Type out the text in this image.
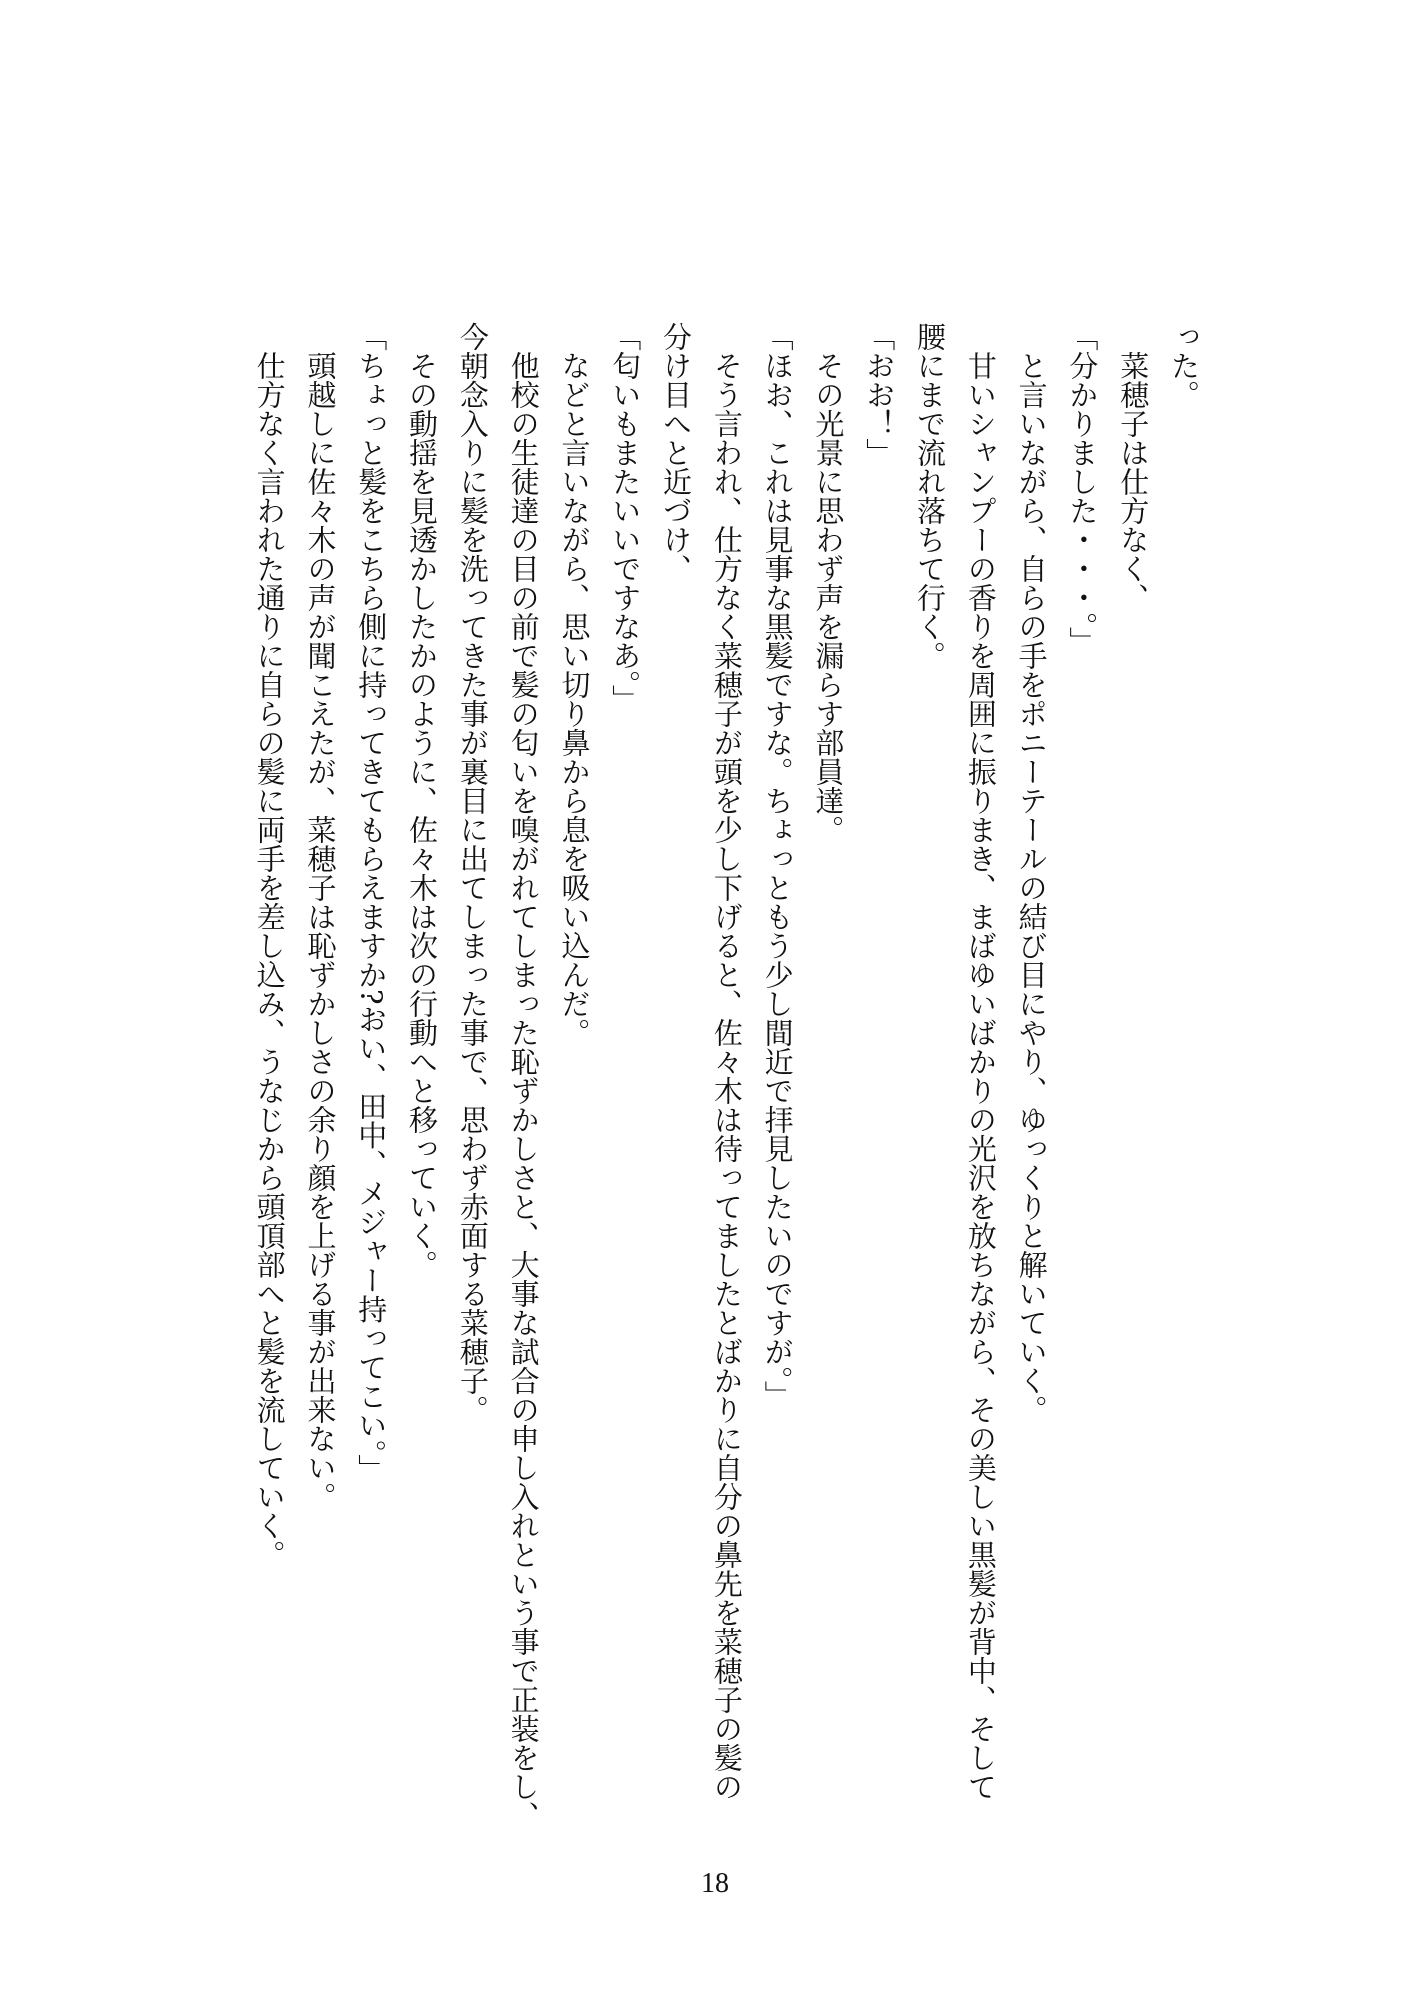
った。
　菜穂子は仕方なく、
「分かりました・・・。」
　と言いながら、自らの手をポニーテールの結び目にやり、ゆっくりと解いていく。
　甘いシャンプーの香りを周囲に振りまき、まばゆいばかりの光沢を放ちながら、その美しい黒髪が背中、そして
腰にまで流れ落ちて行く。
「おお！」
　その光景に思わず声を漏らす部員達。
「ほお、これは見事な黒髪ですな。ちょっともう少し間近で拝見したいのですが。」
　そう言われ、仕方なく菜穂子が頭を少し下げると、佐々木は待ってましたとばかりに自分の鼻先を菜穂子の髪の
分け目へと近づけ、
「匂いもまたいいですなあ。」
　などと言いながら、思い切り鼻から息を吸い込んだ。
　他校の生徒達の目の前で髪の匂いを嗅がれてしまった恥ずかしさと、大事な試合の申し入れという事で正装をし、
今朝念入りに髪を洗ってきた事が裏目に出てしまった事で、思わず赤面する菜穂子。
　その動揺を見透かしたかのように、佐々木は次の行動へと移っていく。
「ちょっと髪をこちら側に持ってきてもらえますか?おい、田中、メジャー持ってこい。」
　頭越しに佐々木の声が聞こえたが、菜穂子は恥ずかしさの余り顔を上げる事が出来ない。
　仕方なく言われた通りに自らの髪に両手を差し込み、うなじから頭頂部へと髪を流していく。
18
